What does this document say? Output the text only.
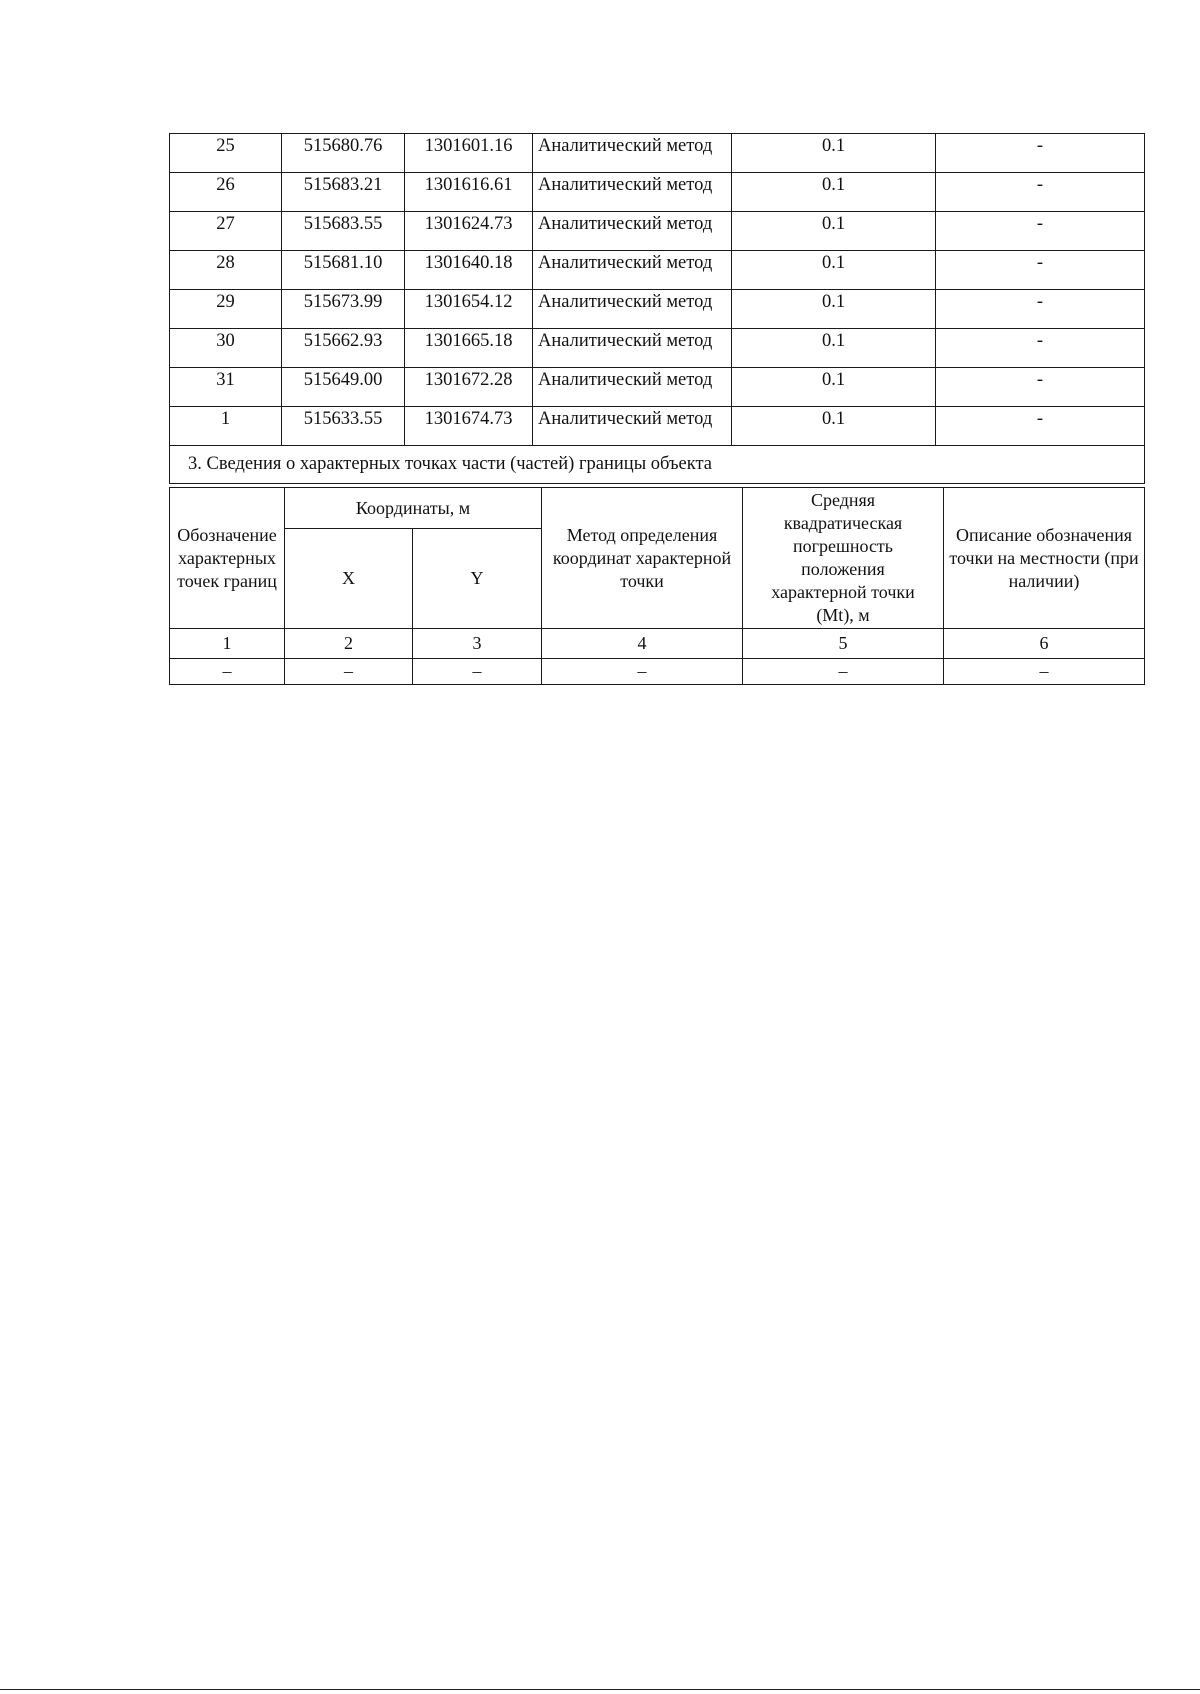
25	515680.76	1301601.16	Аналитический метод	0.1	-
26	515683.21	1301616.61	Аналитический метод	0.1	-
27	515683.55	1301624.73	Аналитический метод	0.1	-
28	515681.10	1301640.18	Аналитический метод	0.1	-
29	515673.99	1301654.12	Аналитический метод	0.1	-
30	515662.93	1301665.18	Аналитический метод	0.1	-
31	515649.00	1301672.28	Аналитический метод	0.1	-
1	515633.55	1301674.73	Аналитический метод	0.1	-
3. Сведения о характерных точках части (частей) границы объекта					
Обозначение характерных точек границ	Координаты, м		Метод определения координат характерной точки	Средняя квадратическая погрешность положения характерной точки (Mt), м	Описание обозначения точки на местности (при наличии)
	X	Y			
1	2	3	4	5	6
–	–	–	–	–	–
